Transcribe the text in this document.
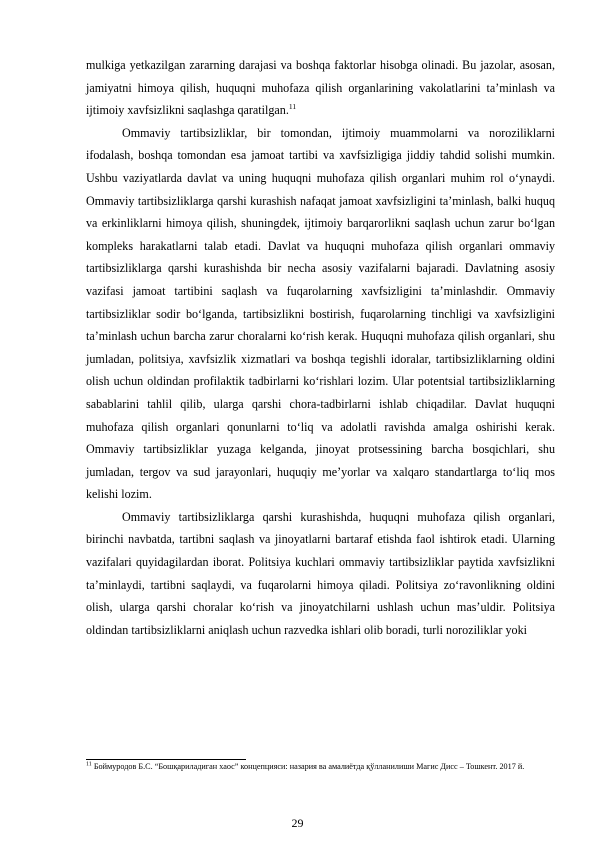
mulkiga yetkazilgan zararning darajasi va boshqa faktorlar hisobga olinadi. Bu jazolar, asosan, jamiyatni himoya qilish, huquqni muhofaza qilish organlarining vakolatlarini taʼminlash va ijtimoiy xavfsizlikni saqlashga qaratilgan.$^{11}$

Ommaviy tartibsizliklar, bir tomondan, ijtimoiy muammolarni va noroziliklarni ifodalash, boshqa tomondan esa jamoat tartibi va xavfsizligiga jiddiy tahdid solishi mumkin. Ushbu vaziyatlarda davlat va uning huquqni muhofaza qilish organlari muhim rol oʻynaydi. Ommaviy tartibsizliklarga qarshi kurashish nafaqat jamoat xavfsizligini taʼminlash, balki huquq va erkinliklarni himoya qilish, shuningdek, ijtimoiy barqarorlikni saqlash uchun zarur boʻlgan kompleks harakatlarni talab etadi. Davlat va huquqni muhofaza qilish organlari ommaviy tartibsizliklarga qarshi kurashishda bir necha asosiy vazifalarni bajaradi. Davlatning asosiy vazifasi jamoat tartibini saqlash va fuqarolarning xavfsizligini taʼminlashdir. Ommaviy tartibsizliklar sodir boʻlganda, tartibsizlikni bostirish, fuqarolarning tinchligi va xavfsizligini taʼminlash uchun barcha zarur choralarni koʻrish kerak. Huquqni muhofaza qilish organlari, shu jumladan, politsiya, xavfsizlik xizmatlari va boshqa tegishli idoralar, tartibsizliklarning oldini olish uchun oldindan profilaktik tadbirlarni koʻrishlari lozim. Ular potentsial tartibsizliklarning sabablarini tahlil qilib, ularga qarshi chora-tadbirlarni ishlab chiqadilar. Davlat huquqni muhofaza qilish organlari qonunlarni toʻliq va adolatli ravishda amalga oshirishi kerak. Ommaviy tartibsizliklar yuzaga kelganda, jinoyat protsessining barcha bosqichlari, shu jumladan, tergov va sud jarayonlari, huquqiy meʼyorlar va xalqaro standartlarga toʻliq mos kelishi lozim.

Ommaviy tartibsizliklarga qarshi kurashishda, huquqni muhofaza qilish organlari, birinchi navbatda, tartibni saqlash va jinoyatlarni bartaraf etishda faol ishtirok etadi. Ularning vazifalari quyidagilardan iborat. Politsiya kuchlari ommaviy tartibsizliklar paytida xavfsizlikni taʼminlaydi, tartibni saqlaydi, va fuqarolarni himoya qiladi. Politsiya zoʻravonlikning oldini olish, ularga qarshi choralar koʻrish va jinoyatchilarni ushlash uchun masʼuldir. Politsiya oldindan tartibsizliklarni aniqlash uchun razvedka ishlari olib boradi, turli noroziliklar yoki

$^{11}$ Боймуродов Б.С. “Бошқариладиган хаос” концепцияси: назария ва амалиётда қўлланилиши Магис Дисс – Тошкент. 2017 й.
29
